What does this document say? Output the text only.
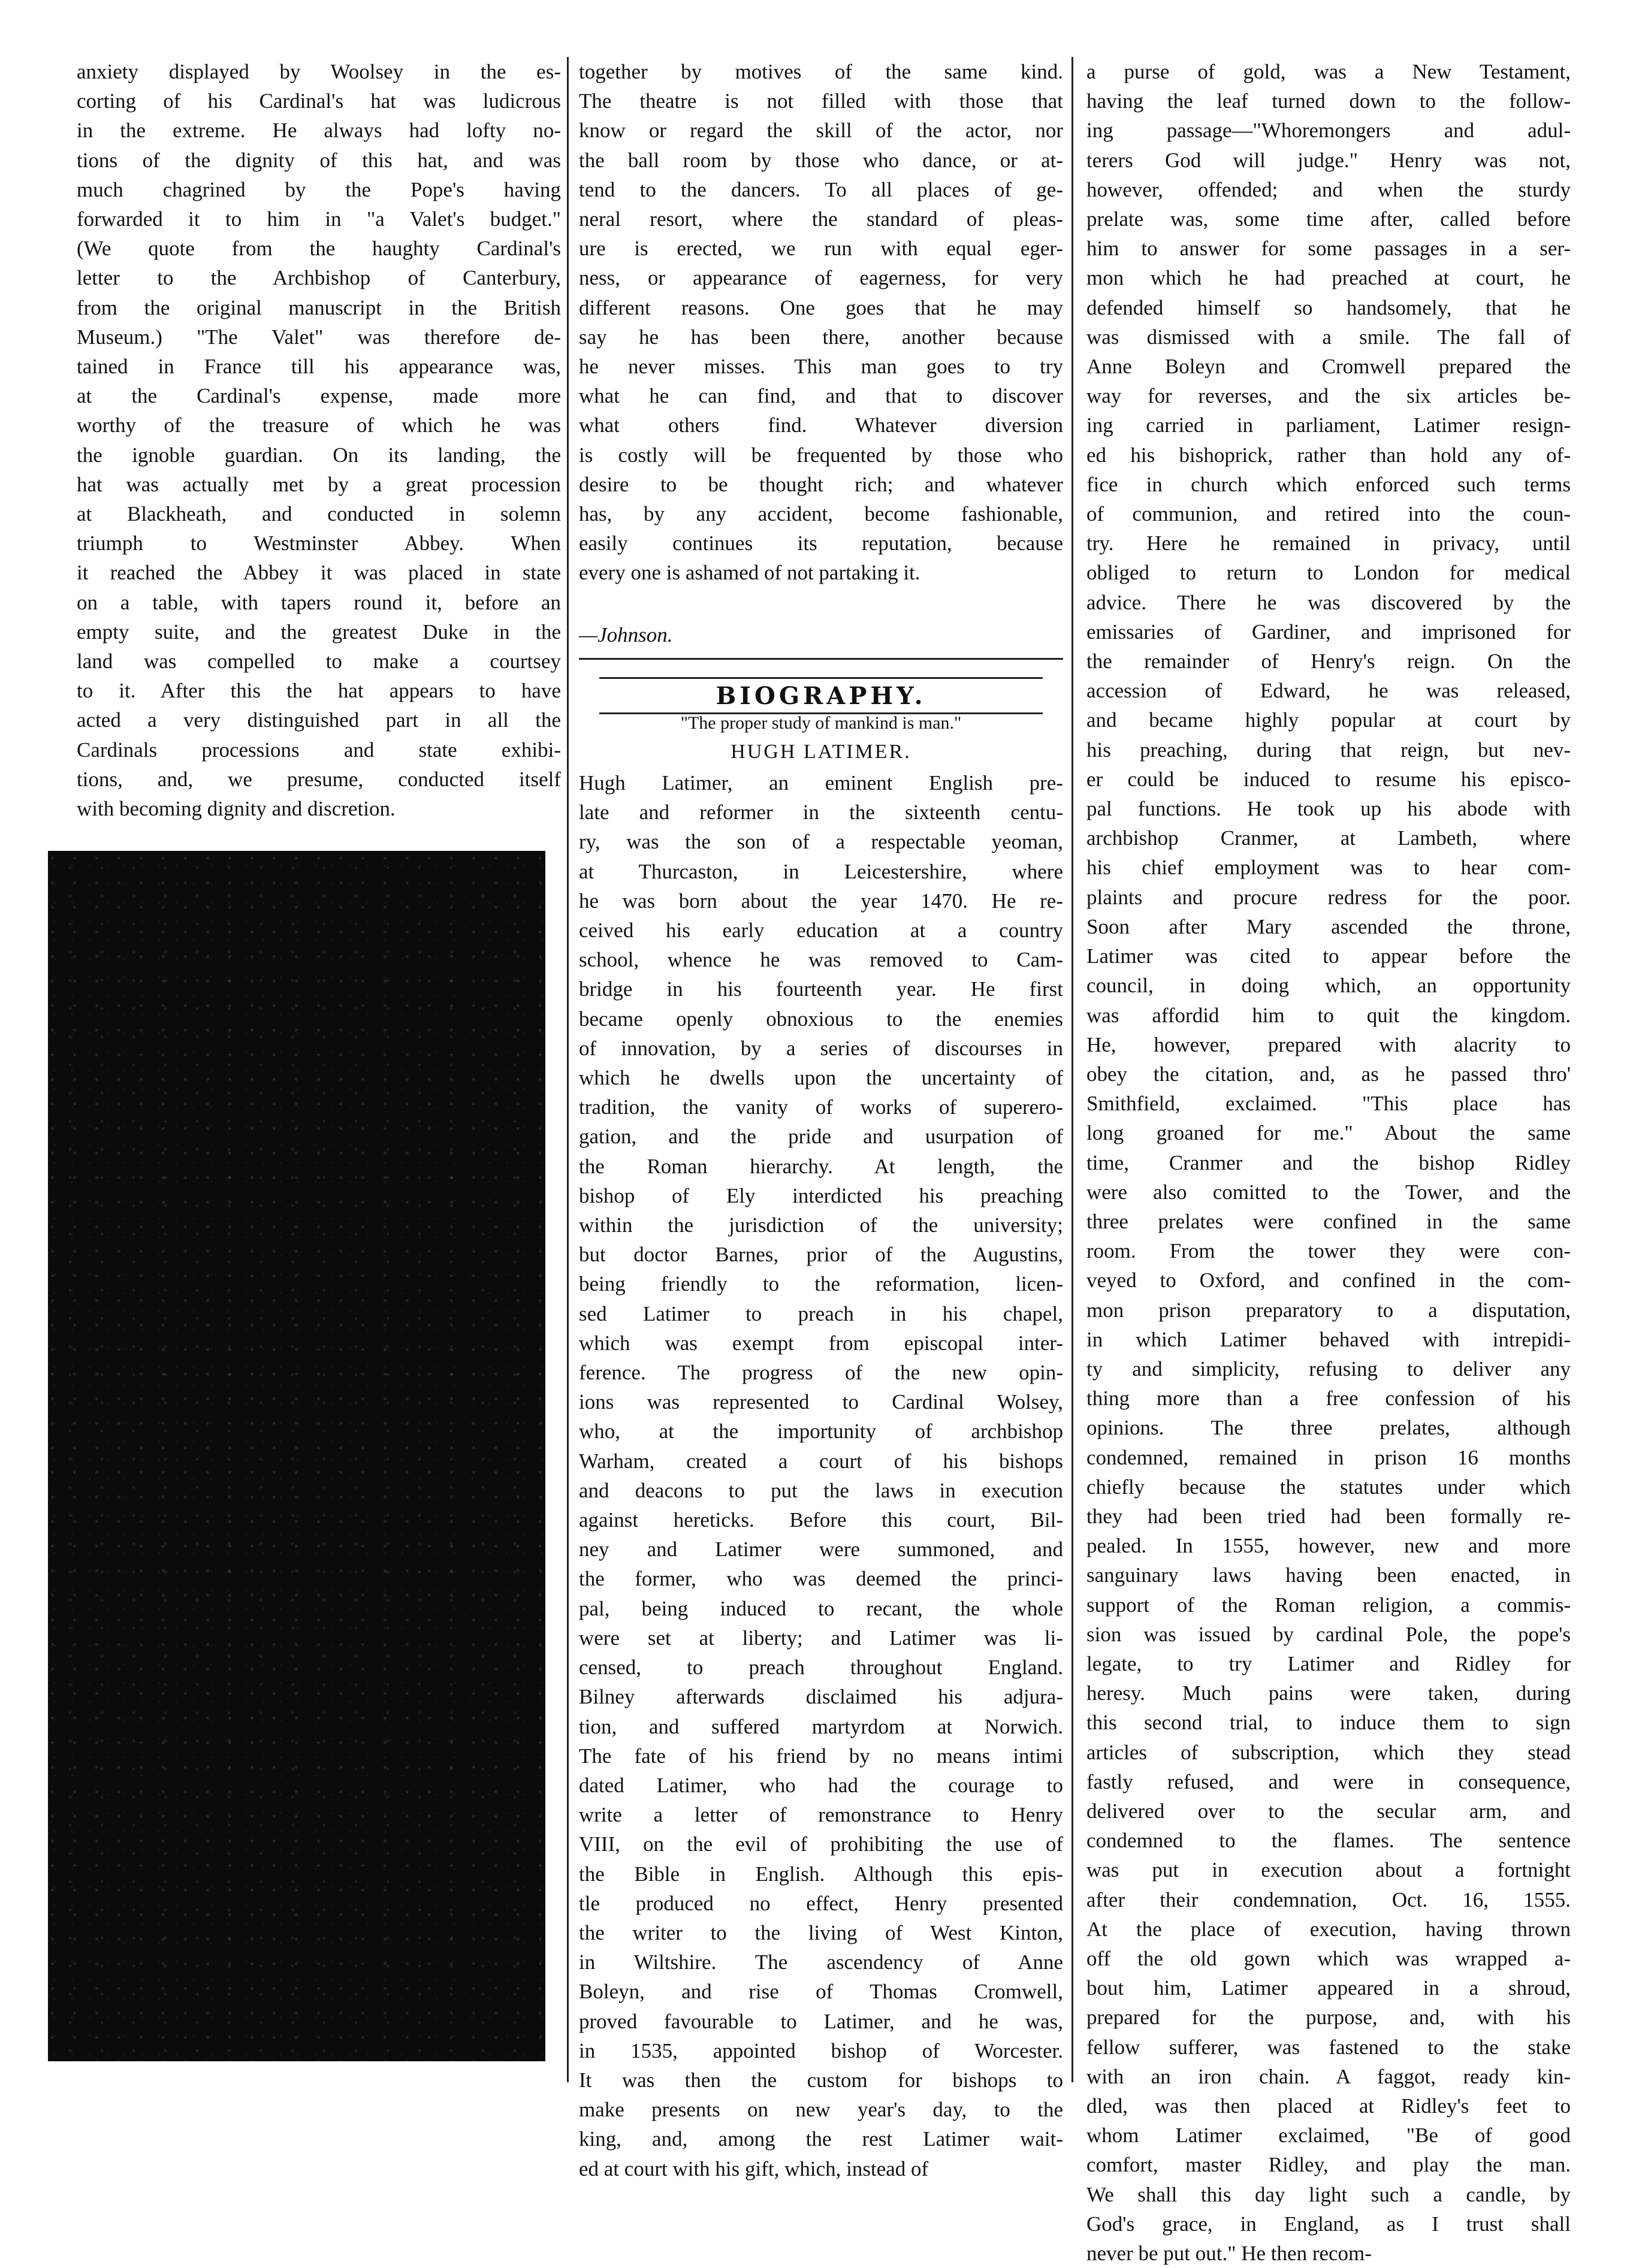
anxiety displayed by Woolsey in the es-
corting of his Cardinal's hat was ludicrous
in the extreme. He always had lofty no-
tions of the dignity of this hat, and was
much chagrined by the Pope's having
forwarded it to him in "a Valet's budget."
(We quote from the haughty Cardinal's
letter to the Archbishop of Canterbury,
from the original manuscript in the British
Museum.) "The Valet" was therefore de-
tained in France till his appearance was,
at the Cardinal's expense, made more
worthy of the treasure of which he was
the ignoble guardian. On its landing, the
hat was actually met by a great procession
at Blackheath, and conducted in solemn
triumph to Westminster Abbey. When
it reached the Abbey it was placed in state
on a table, with tapers round it, before an
empty suite, and the greatest Duke in the
land was compelled to make a courtsey
to it. After this the hat appears to have
acted a very distinguished part in all the
Cardinals processions and state exhibi-
tions, and, we presume, conducted itself
with becoming dignity and discretion.
together by motives of the same kind.
The theatre is not filled with those that
know or regard the skill of the actor, nor
the ball room by those who dance, or at-
tend to the dancers. To all places of ge-
neral resort, where the standard of pleas-
ure is erected, we run with equal eger-
ness, or appearance of eagerness, for very
different reasons. One goes that he may
say he has been there, another because
he never misses. This man goes to try
what he can find, and that to discover
what others find. Whatever diversion
is costly will be frequented by those who
desire to be thought rich; and whatever
has, by any accident, become fashionable,
easily continues its reputation, because
every one is ashamed of not partaking it.
—Johnson.
BIOGRAPHY.
"The proper study of mankind is man."
HUGH LATIMER.
Hugh Latimer, an eminent English pre-
late and reformer in the sixteenth centu-
ry, was the son of a respectable yeoman,
at Thurcaston, in Leicestershire, where
he was born about the year 1470. He re-
ceived his early education at a country
school, whence he was removed to Cam-
bridge in his fourteenth year. He first
became openly obnoxious to the enemies
of innovation, by a series of discourses in
which he dwells upon the uncertainty of
tradition, the vanity of works of superero-
gation, and the pride and usurpation of
the Roman hierarchy. At length, the
bishop of Ely interdicted his preaching
within the jurisdiction of the university;
but doctor Barnes, prior of the Augustins,
being friendly to the reformation, licen-
sed Latimer to preach in his chapel,
which was exempt from episcopal inter-
ference. The progress of the new opin-
ions was represented to Cardinal Wolsey,
who, at the importunity of archbishop
Warham, created a court of his bishops
and deacons to put the laws in execution
against hereticks. Before this court, Bil-
ney and Latimer were summoned, and
the former, who was deemed the princi-
pal, being induced to recant, the whole
were set at liberty; and Latimer was li-
censed, to preach throughout England.
Bilney afterwards disclaimed his adjura-
tion, and suffered martyrdom at Norwich.
The fate of his friend by no means intimi
dated Latimer, who had the courage to
write a letter of remonstrance to Henry
VIII, on the evil of prohibiting the use of
the Bible in English. Although this epis-
tle produced no effect, Henry presented
the writer to the living of West Kinton,
in Wiltshire. The ascendency of Anne
Boleyn, and rise of Thomas Cromwell,
proved favourable to Latimer, and he was,
in 1535, appointed bishop of Worcester.
It was then the custom for bishops to
make presents on new year's day, to the
king, and, among the rest Latimer wait-
ed at court with his gift, which, instead of
a purse of gold, was a New Testament,
having the leaf turned down to the follow-
ing passage—"Whoremongers and adul-
terers God will judge." Henry was not,
however, offended; and when the sturdy
prelate was, some time after, called before
him to answer for some passages in a ser-
mon which he had preached at court, he
defended himself so handsomely, that he
was dismissed with a smile. The fall of
Anne Boleyn and Cromwell prepared the
way for reverses, and the six articles be-
ing carried in parliament, Latimer resign-
ed his bishoprick, rather than hold any of-
fice in church which enforced such terms
of communion, and retired into the coun-
try. Here he remained in privacy, until
obliged to return to London for medical
advice. There he was discovered by the
emissaries of Gardiner, and imprisoned for
the remainder of Henry's reign. On the
accession of Edward, he was released,
and became highly popular at court by
his preaching, during that reign, but nev-
er could be induced to resume his episco-
pal functions. He took up his abode with
archbishop Cranmer, at Lambeth, where
his chief employment was to hear com-
plaints and procure redress for the poor.
Soon after Mary ascended the throne,
Latimer was cited to appear before the
council, in doing which, an opportunity
was affordid him to quit the kingdom.
He, however, prepared with alacrity to
obey the citation, and, as he passed thro'
Smithfield, exclaimed. "This place has
long groaned for me." About the same
time, Cranmer and the bishop Ridley
were also comitted to the Tower, and the
three prelates were confined in the same
room. From the tower they were con-
veyed to Oxford, and confined in the com-
mon prison preparatory to a disputation,
in which Latimer behaved with intrepidi-
ty and simplicity, refusing to deliver any
thing more than a free confession of his
opinions. The three prelates, although
condemned, remained in prison 16 months
chiefly because the statutes under which
they had been tried had been formally re-
pealed. In 1555, however, new and more
sanguinary laws having been enacted, in
support of the Roman religion, a commis-
sion was issued by cardinal Pole, the pope's
legate, to try Latimer and Ridley for
heresy. Much pains were taken, during
this second trial, to induce them to sign
articles of subscription, which they stead
fastly refused, and were in consequence,
delivered over to the secular arm, and
condemned to the flames. The sentence
was put in execution about a fortnight
after their condemnation, Oct. 16, 1555.
At the place of execution, having thrown
off the old gown which was wrapped a-
bout him, Latimer appeared in a shroud,
prepared for the purpose, and, with his
fellow sufferer, was fastened to the stake
with an iron chain. A faggot, ready kin-
dled, was then placed at Ridley's feet to
whom Latimer exclaimed, "Be of good
comfort, master Ridley, and play the man.
We shall this day light such a candle, by
God's grace, in England, as I trust shall
never be put out." He then recom-
